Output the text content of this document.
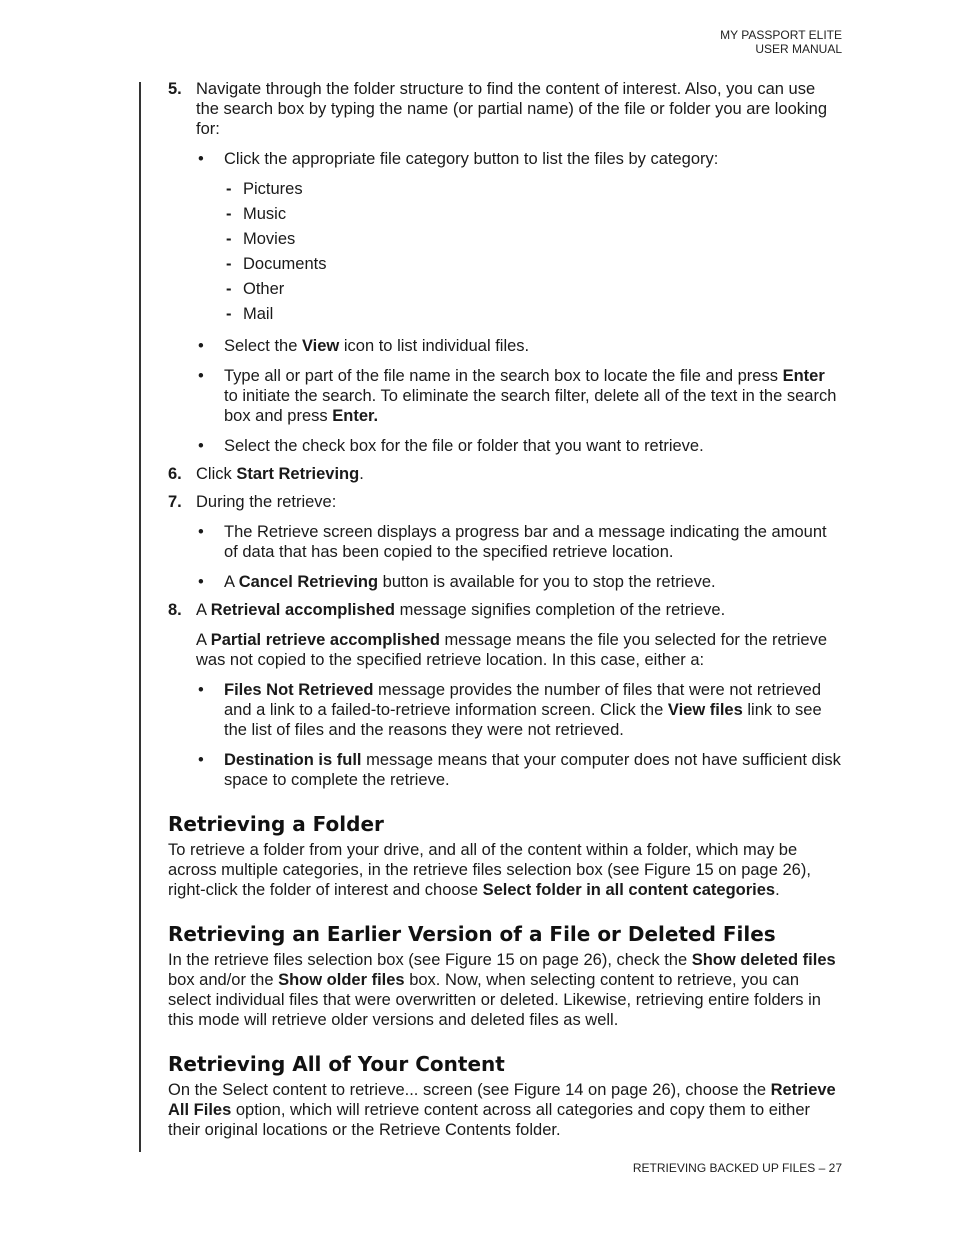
MY PASSPORT ELITE
USER MANUAL
5. Navigate through the folder structure to find the content of interest. Also, you can use the search box by typing the name (or partial name) of the file or folder you are looking for:

• Click the appropriate file category button to list the files by category:
- Pictures
- Music
- Movies
- Documents
- Other
- Mail
• Select the View icon to list individual files.
• Type all or part of the file name in the search box to locate the file and press Enter to initiate the search. To eliminate the search filter, delete all of the text in the search box and press Enter.
• Select the check box for the file or folder that you want to retrieve.
6. Click Start Retrieving.

7. During the retrieve:

• The Retrieve screen displays a progress bar and a message indicating the amount of data that has been copied to the specified retrieve location.
• A Cancel Retrieving button is available for you to stop the retrieve.
8. A Retrieval accomplished message signifies completion of the retrieve.

A Partial retrieve accomplished message means the file you selected for the retrieve was not copied to the specified retrieve location. In this case, either a:

• Files Not Retrieved message provides the number of files that were not retrieved and a link to a failed-to-retrieve information screen. Click the View files link to see the list of files and the reasons they were not retrieved.
• Destination is full message means that your computer does not have sufficient disk space to complete the retrieve.
Retrieving a Folder

To retrieve a folder from your drive, and all of the content within a folder, which may be across multiple categories, in the retrieve files selection box (see Figure 15 on page 26), right-click the folder of interest and choose Select folder in all content categories.

Retrieving an Earlier Version of a File or Deleted Files

In the retrieve files selection box (see Figure 15 on page 26), check the Show deleted files box and/or the Show older files box. Now, when selecting content to retrieve, you can select individual files that were overwritten or deleted. Likewise, retrieving entire folders in this mode will retrieve older versions and deleted files as well.

Retrieving All of Your Content

On the Select content to retrieve... screen (see Figure 14 on page 26), choose the Retrieve All Files option, which will retrieve content across all categories and copy them to either their original locations or the Retrieve Contents folder.

RETRIEVING BACKED UP FILES – 27
